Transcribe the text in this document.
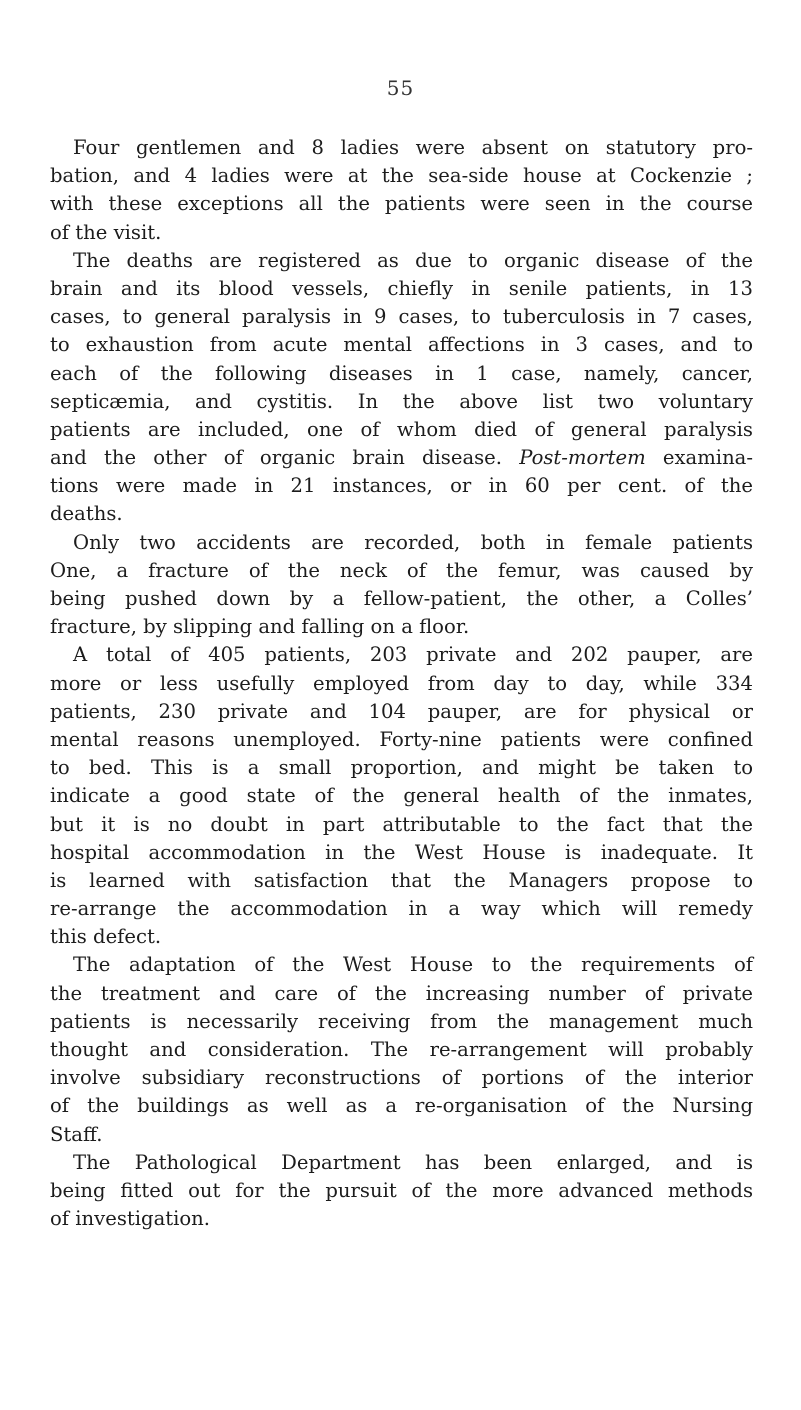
55
Four gentlemen and 8 ladies were absent on statutory pro-
bation, and 4 ladies were at the sea-side house at Cockenzie ;
with these exceptions all the patients were seen in the course
of the visit.
The deaths are registered as due to organic disease of the
brain and its blood vessels, chiefly in senile patients, in 13
cases, to general paralysis in 9 cases, to tuberculosis in 7 cases,
to exhaustion from acute mental affections in 3 cases, and to
each of the following diseases in 1 case, namely, cancer,
septicæmia, and cystitis. In the above list two voluntary
patients are included, one of whom died of general paralysis
and the other of organic brain disease. Post-mortem examina-
tions were made in 21 instances, or in 60 per cent. of the
deaths.
Only two accidents are recorded, both in female patients
One, a fracture of the neck of the femur, was caused by
being pushed down by a fellow-patient, the other, a Colles’
fracture, by slipping and falling on a floor.
A total of 405 patients, 203 private and 202 pauper, are
more or less usefully employed from day to day, while 334
patients, 230 private and 104 pauper, are for physical or
mental reasons unemployed. Forty-nine patients were confined
to bed. This is a small proportion, and might be taken to
indicate a good state of the general health of the inmates,
but it is no doubt in part attributable to the fact that the
hospital accommodation in the West House is inadequate. It
is learned with satisfaction that the Managers propose to
re-arrange the accommodation in a way which will remedy
this defect.
The adaptation of the West House to the requirements of
the treatment and care of the increasing number of private
patients is necessarily receiving from the management much
thought and consideration. The re-arrangement will probably
involve subsidiary reconstructions of portions of the interior
of the buildings as well as a re-organisation of the Nursing
Staff.
The Pathological Department has been enlarged, and is
being fitted out for the pursuit of the more advanced methods
of investigation.
